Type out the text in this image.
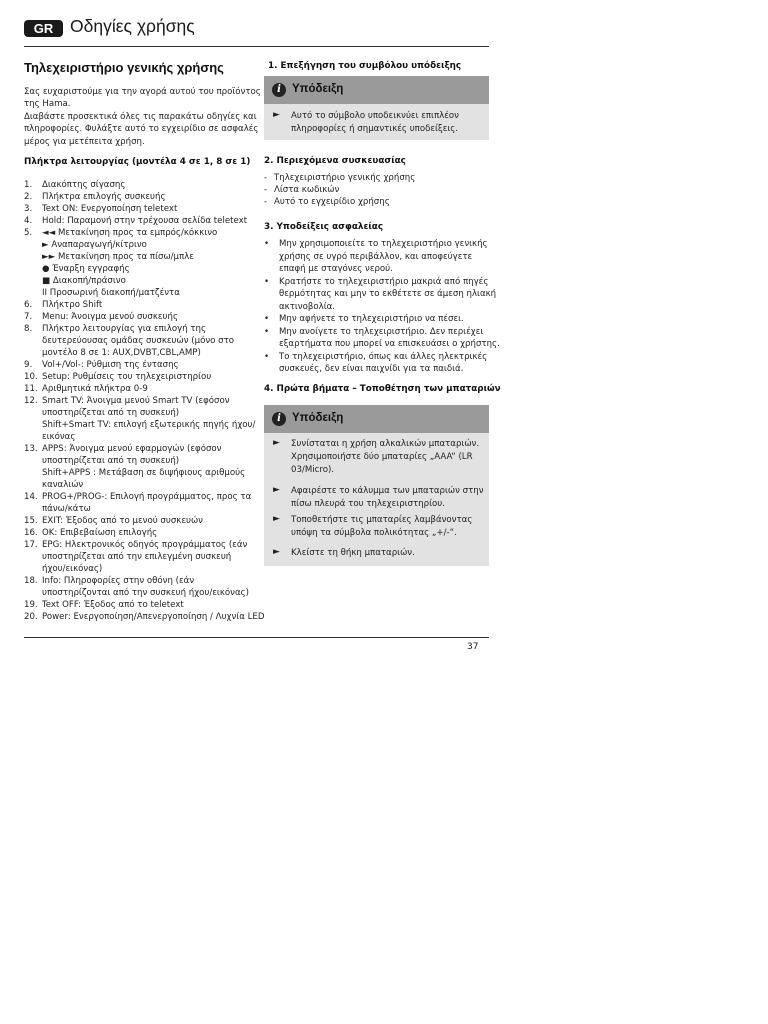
GR Οδηγίες χρήσης
Τηλεχειριστήριο γενικής χρήσης
Σας ευχαριστούμε για την αγορά αυτού του προϊόντος
της Hama.
Διαβάστε προσεκτικά όλες τις παρακάτω οδηγίες και
πληροφορίες. Φυλάξτε αυτό το εγχειρίδιο σε ασφαλές
μέρος για μετέπειτα χρήση.
Πλήκτρα λειτουργίας (μοντέλα 4 σε 1, 8 σε 1)
1. Διακόπτης σίγασης
2. Πλήκτρα επιλογής συσκευής
3. Text ON: Ενεργοποίηση teletext
4. Hold: Παραμονή στην τρέχουσα σελίδα teletext
5. ◄◄ Μετακίνηση προς τα εμπρός/κόκκινο
► Αναπαραγωγή/κίτρινο
►► Μετακίνηση προς τα πίσω/μπλε
● Έναρξη εγγραφής
■ Διακοπή/πράσινο
II Προσωρινή διακοπή/ματζέντα
6. Πλήκτρο Shift
7. Menu: Άνοιγμα μενού συσκευής
8. Πλήκτρο λειτουργίας για επιλογή της
δευτερεύουσας ομάδας συσκευών (μόνο στο
μοντέλο 8 σε 1: AUX,DVBT,CBL,AMP)
9. Vol+/Vol-: Ρύθμιση της έντασης
10. Setup: Ρυθμίσεις του τηλεχειριστηρίου
11. Αριθμητικά πλήκτρα 0-9
12. Smart TV: Άνοιγμα μενού Smart TV (εφόσον
υποστηρίζεται από τη συσκευή)
Shift+Smart TV: επιλογή εξωτερικής πηγής ήχου/
εικόνας
13. APPS: Άνοιγμα μενού εφαρμογών (εφόσον
υποστηρίζεται από τη συσκευή)
Shift+APPS : Μετάβαση σε διψήφιους αριθμούς
καναλιών
14. PROG+/PROG-: Επιλογή προγράμματος, προς τα
πάνω/κάτω
15. EXIT: Έξοδος από το μενού συσκευών
16. OK: Επιβεβαίωση επιλογής
17. EPG: Ηλεκτρονικός οδηγός προγράμματος (εάν
υποστηρίζεται από την επιλεγμένη συσκευή
ήχου/εικόνας)
18. Info: Πληροφορίες στην οθόνη (εάν
υποστηρίζονται από την συσκευή ήχου/εικόνας)
19. Text OFF: Έξοδος από το teletext
20. Power: Ενεργοποίηση/Απενεργοποίηση / Λυχνία LED
1. Επεξήγηση του συμβόλου υπόδειξης
i Υπόδειξη
► Αυτό το σύμβολο υποδεικνύει επιπλέον
πληροφορίες ή σημαντικές υποδείξεις.
2. Περιεχόμενα συσκευασίας
- Τηλεχειριστήριο γενικής χρήσης
- Λίστα κωδικών
- Αυτό το εγχειρίδιο χρήσης
3. Υποδείξεις ασφαλείας
• Μην χρησιμοποιείτε το τηλεχειριστήριο γενικής
χρήσης σε υγρό περιβάλλον, και αποφεύγετε
επαφή με σταγόνες νερού.
• Κρατήστε το τηλεχειριστήριο μακριά από πηγές
θερμότητας και μην το εκθέτετε σε άμεση ηλιακή
ακτινοβολία.
• Μην αφήνετε το τηλεχειριστήριο να πέσει.
• Μην ανοίγετε το τηλεχειριστήριο. Δεν περιέχει
εξαρτήματα που μπορεί να επισκευάσει ο χρήστης.
• Το τηλεχειριστήριο, όπως και άλλες ηλεκτρικές
συσκευές, δεν είναι παιχνίδι για τα παιδιά.
4. Πρώτα βήματα – Τοποθέτηση των μπαταριών
i Υπόδειξη
► Συνίσταται η χρήση αλκαλικών μπαταριών.
Χρησιμοποιήστε δύο μπαταρίες „AAA“ (LR
03/Micro).
► Αφαιρέστε το κάλυμμα των μπαταριών στην
πίσω πλευρά του τηλεχειριστηρίου.
► Τοποθετήστε τις μπαταρίες λαμβάνοντας
υπόψη τα σύμβολα πολικότητας „+/-“.
► Κλείστε τη θήκη μπαταριών.
37
